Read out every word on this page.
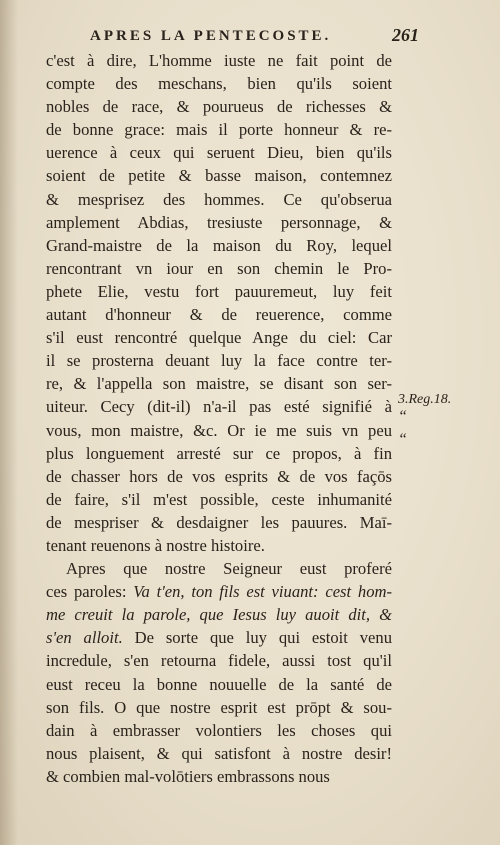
APRES LA PENTECOSTE.	261
c'est à dire, L'homme iuste ne fait point de
compte des meschans, bien qu'ils soient
nobles de race, & pourueus de richesses &
de bonne grace: mais il porte honneur & re-
uerence à ceux qui seruent Dieu, bien qu'ils
soient de petite & basse maison, contemnez
& mesprisez des hommes. Ce qu'obserua
amplement Abdias, tresiuste personnage, &
Grand-maistre de la maison du Roy, lequel
rencontrant vn iour en son chemin le Pro-
phete Elie, vestu fort pauuremeut, luy feit
autant d'honneur & de reuerence, comme
s'il eust rencontré quelque Ange du ciel: Car
il se prosterna deuant luy la face contre ter-
re, & l'appella son maistre, se disant son ser-
uiteur. Cecy (dit-il) n'a-il pas esté signifié à
vous, mon maistre, &c. Or ie me suis vn peu
plus longuement arresté sur ce propos, à fin
de chasser hors de vos esprits & de vos façōs
de faire, s'il m'est possible, ceste inhumanité
de mespriser & desdaigner les pauures. Maī-
tenant reuenons à nostre histoire.
Apres que nostre Seigneur eust proferé
ces paroles: Va t'en, ton fils est viuant: cest hom-
me creuit la parole, que Iesus luy auoit dit, &
s'en alloit. De sorte que luy qui estoit venu
incredule, s'en retourna fidele, aussi tost qu'il
eust receu la bonne nouuelle de la santé de
son fils. O que nostre esprit est prōpt & sou-
dain à embrasser volontiers les choses qui
nous plaisent, & qui satisfont à nostre desir!
& combien mal-volōtiers embrassons nous
3.Reg.18.
“
“
